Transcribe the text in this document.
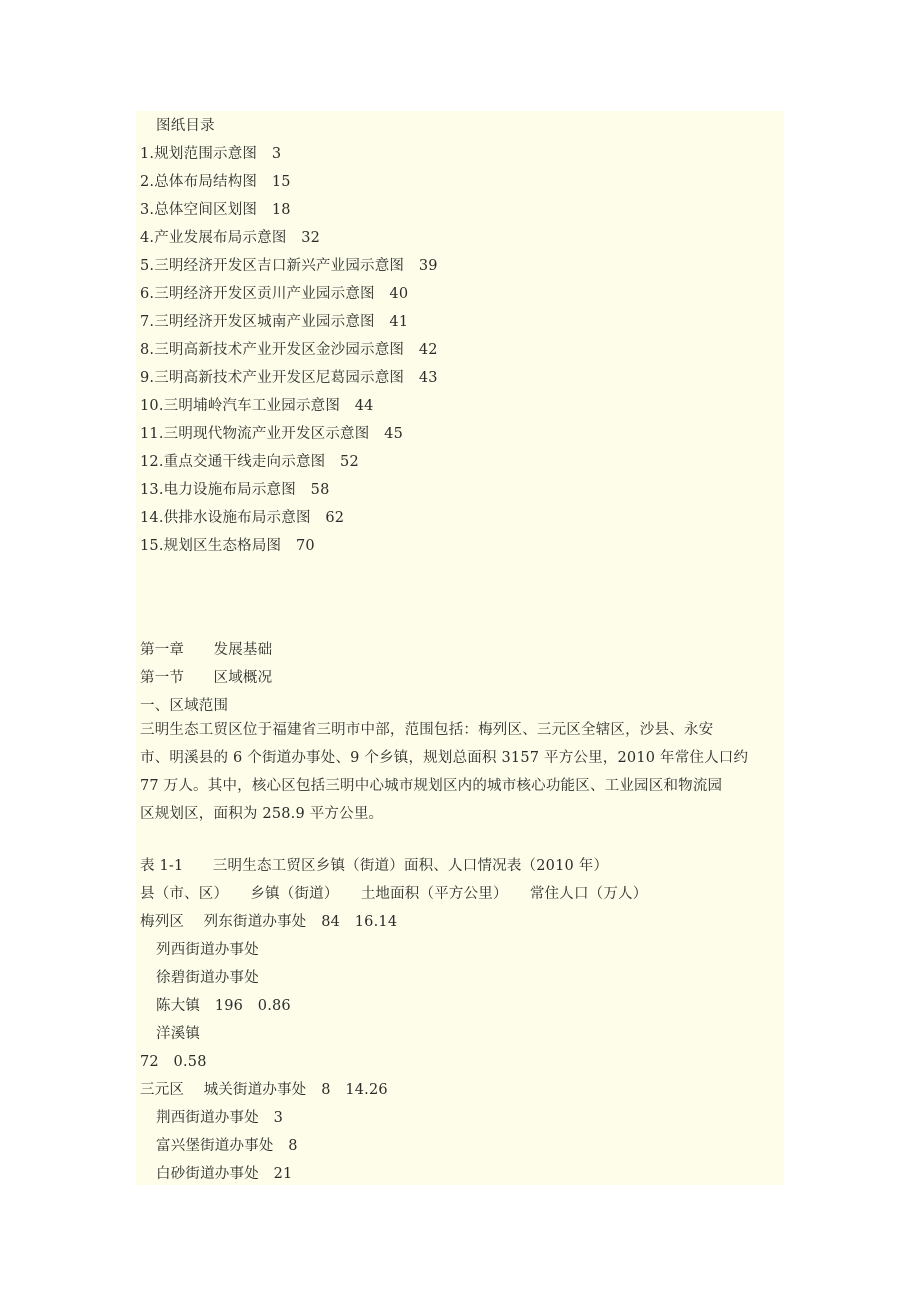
图纸目录
1.规划范围示意图　3
2.总体布局结构图　15
3.总体空间区划图　18
4.产业发展布局示意图　32
5.三明经济开发区吉口新兴产业园示意图　39
6.三明经济开发区贡川产业园示意图　40
7.三明经济开发区城南产业园示意图　41
8.三明高新技术产业开发区金沙园示意图　42
9.三明高新技术产业开发区尼葛园示意图　43
10.三明埔岭汽车工业园示意图　44
11.三明现代物流产业开发区示意图　45
12.重点交通干线走向示意图　52
13.电力设施布局示意图　58
14.供排水设施布局示意图　62
15.规划区生态格局图　70
第一章　　发展基础
第一节　　区域概况
一、区域范围
三明生态工贸区位于福建省三明市中部，范围包括：梅列区、三元区全辖区，沙县、永安
市、明溪县的 6 个街道办事处、9 个乡镇，规划总面积 3157 平方公里，2010 年常住人口约
77 万人。其中，核心区包括三明中心城市规划区内的城市核心功能区、工业园区和物流园
区规划区，面积为 258.9 平方公里。
表 1-1　　三明生态工贸区乡镇（街道）面积、人口情况表（2010 年）
县（市、区）　　乡镇（街道）　　土地面积（平方公里）　　常住人口（万人）
梅列区　 列东街道办事处　84　16.14
列西街道办事处
徐碧街道办事处
陈大镇　196　0.86
洋溪镇
72　0.58
三元区　 城关街道办事处　8　14.26
荆西街道办事处　3
富兴堡街道办事处　8
白砂街道办事处　21
